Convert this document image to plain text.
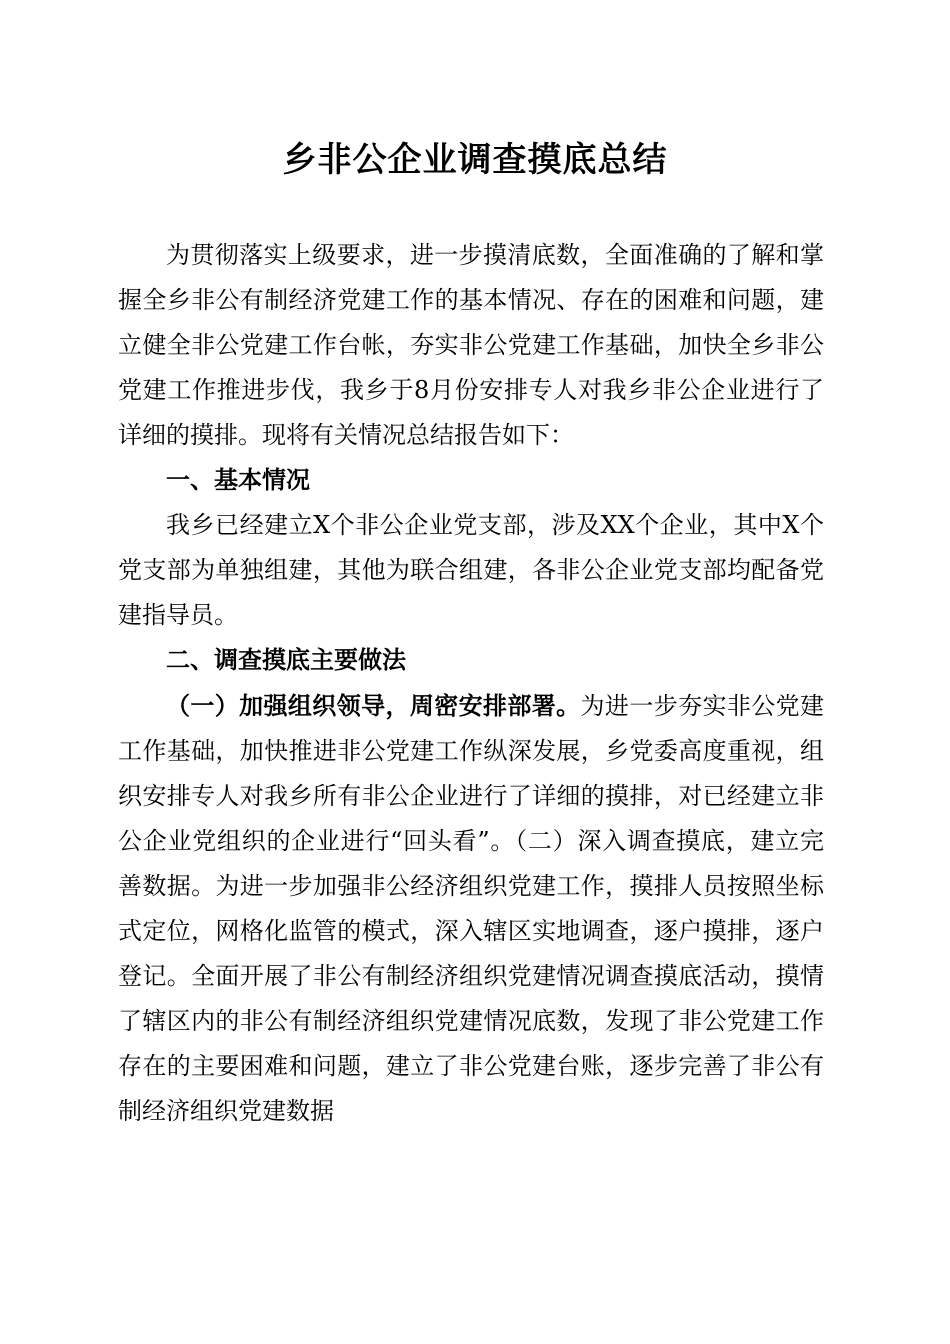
乡非公企业调查摸底总结

为贯彻落实上级要求，进一步摸清底数，全面准确的了解和掌握全乡非公有制经济党建工作的基本情况、存在的困难和问题，建立健全非公党建工作台帐，夯实非公党建工作基础，加快全乡非公党建工作推进步伐，我乡于8月份安排专人对我乡非公企业进行了详细的摸排。现将有关情况总结报告如下：

一、基本情况

我乡已经建立X个非公企业党支部，涉及XX个企业，其中X个党支部为单独组建，其他为联合组建，各非公企业党支部均配备党建指导员。

二、调查摸底主要做法

（一）加强组织领导，周密安排部署。为进一步夯实非公党建工作基础，加快推进非公党建工作纵深发展，乡党委高度重视，组织安排专人对我乡所有非公企业进行了详细的摸排，对已经建立非公企业党组织的企业进行“回头看”。（二）深入调查摸底，建立完善数据。为进一步加强非公经济组织党建工作，摸排人员按照坐标式定位，网格化监管的模式，深入辖区实地调查，逐户摸排，逐户登记。全面开展了非公有制经济组织党建情况调查摸底活动，摸情了辖区内的非公有制经济组织党建情况底数，发现了非公党建工作存在的主要困难和问题，建立了非公党建台账，逐步完善了非公有制经济组织党建数据
